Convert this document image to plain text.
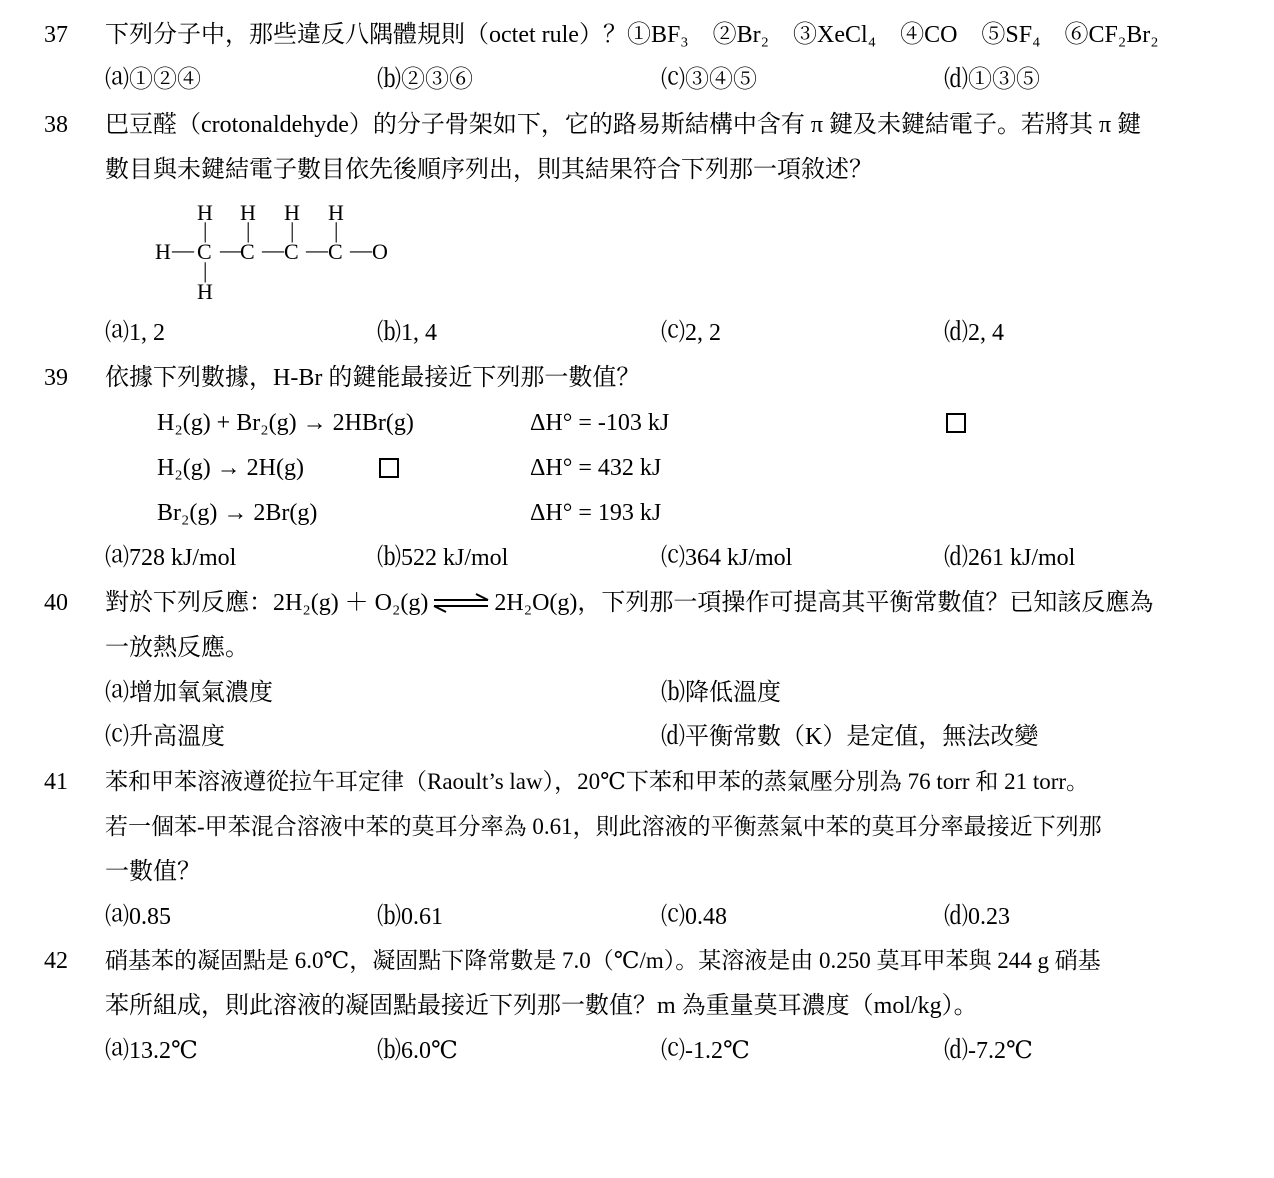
37	下列分子中，那些違反八隅體規則（octet rule）？①BF₃　②Br₂　③XeCl₄　④CO　⑤SF₄　⑥CF₂Br₂
⒜①②④	⒝②③⑥	⒞③④⑤	⒟①③⑤
38	巴豆醛（crotonaldehyde）的分子骨架如下，它的路易斯結構中含有 π 鍵及未鍵結電子。若將其 π 鍵
數目與未鍵結電子數目依先後順序列出，則其結果符合下列那一項敘述？
H H H H
| | | |
H — C —
C — C — C — O
|
H
⒜1, 2	⒝1, 4	⒞2, 2	⒟2, 4
39	依據下列數據，H-Br 的鍵能最接近下列那一數值？
H₂(g) + Br₂(g) → 2HBr(g)	ΔH° = -103 kJ
H₂(g) → 2H(g)	ΔH° = 432 kJ
Br₂(g) → 2Br(g)	ΔH° = 193 kJ
⒜728 kJ/mol	⒝522 kJ/mol	⒞364 kJ/mol	⒟261 kJ/mol
40	對於下列反應：2H₂(g) ＋ O₂(g) ⇌ 2H₂O(g)，下列那一項操作可提高其平衡常數值？已知該反應為
一放熱反應。
⒜增加氧氣濃度	⒝降低溫度
⒞升高溫度	⒟平衡常數（K）是定值，無法改變
41	苯和甲苯溶液遵從拉午耳定律（Raoult’s law），20℃下苯和甲苯的蒸氣壓分別為 76 torr 和 21 torr。
若一個苯-甲苯混合溶液中苯的莫耳分率為 0.61，則此溶液的平衡蒸氣中苯的莫耳分率最接近下列那
一數值？
⒜0.85	⒝0.61	⒞0.48	⒟0.23
42	硝基苯的凝固點是 6.0℃，凝固點下降常數是 7.0（℃/m）。某溶液是由 0.250 莫耳甲苯與 244 g 硝基
苯所組成，則此溶液的凝固點最接近下列那一數值？m 為重量莫耳濃度（mol/kg）。
⒜13.2℃	⒝6.0℃	⒞-1.2℃	⒟-7.2℃
